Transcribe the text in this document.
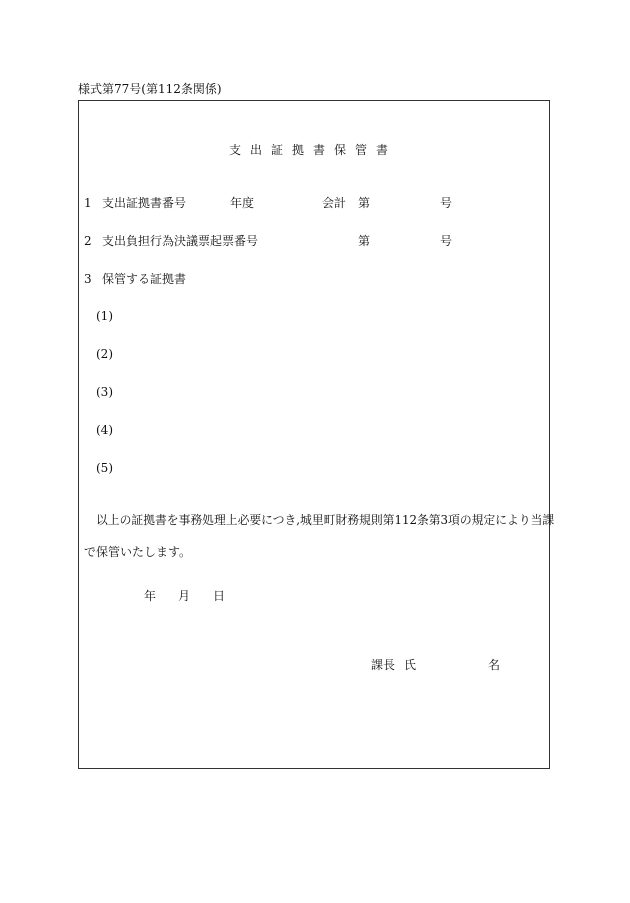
様式第77号(第112条関係)
支出証拠書保管書
1 支出証拠書番号	年度	会計 第	号
2 支出負担行為決議票起票番号	第	号
3 保管する証拠書
(1)
(2)
(3)
(4)
(5)
以上の証拠書を事務処理上必要につき,城里町財務規則第112条第3項の規定により当課
で保管いたします。
年 月 日
課長 氏	名
